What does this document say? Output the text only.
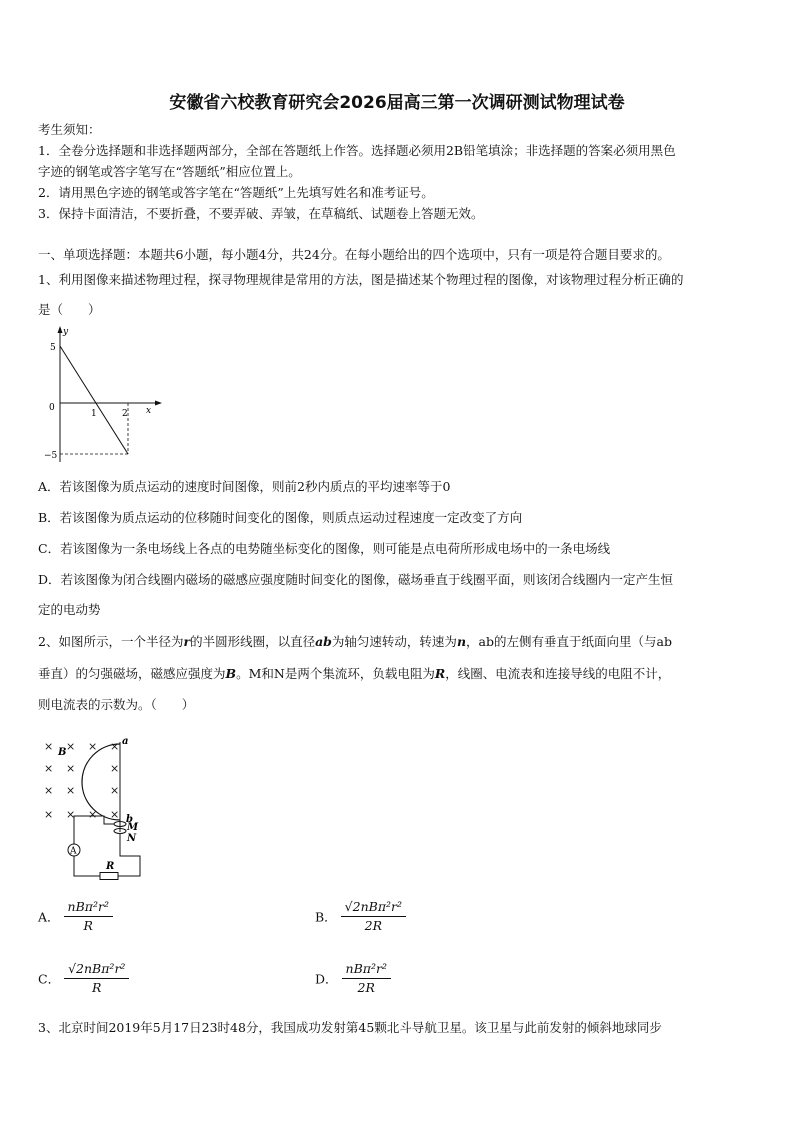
安徽省六校教育研究会2026届高三第一次调研测试物理试卷
考生须知：
1．全卷分选择题和非选择题两部分，全部在答题纸上作答。选择题必须用2B铅笔填涂；非选择题的答案必须用黑色
字迹的钢笔或答字笔写在“答题纸”相应位置上。
2．请用黑色字迹的钢笔或答字笔在“答题纸”上先填写姓名和准考证号。
3．保持卡面清洁，不要折叠，不要弄破、弄皱，在草稿纸、试题卷上答题无效。
一、单项选择题：本题共6小题，每小题4分，共24分。在每小题给出的四个选项中，只有一项是符合题目要求的。
1、利用图像来描述物理过程，探寻物理规律是常用的方法，图是描述某个物理过程的图像，对该物理过程分析正确的
是（　　）
y
x
5
0
−5
1	2
A．若该图像为质点运动的速度时间图像，则前2秒内质点的平均速率等于0
B．若该图像为质点运动的位移随时间变化的图像，则质点运动过程速度一定改变了方向
C．若该图像为一条电场线上各点的电势随坐标变化的图像，则可能是点电荷所形成电场中的一条电场线
D．若该图像为闭合线圈内磁场的磁感应强度随时间变化的图像，磁场垂直于线圈平面，则该闭合线圈内一定产生恒
定的电动势
2、如图所示，一个半径为r的半圆形线圈，以直径ab为轴匀速转动，转速为n，ab的左侧有垂直于纸面向里（与ab
垂直）的匀强磁场，磁感应强度为B。M和N是两个集流环，负载电阻为R，线圈、电流表和连接导线的电阻不计，
则电流表的示数为。（　　）
× × × ×
× ×	×
× ×	×
× × × ×
B
a
b
M
N
A
R
A． $\frac{\text{nBπ²r²}}{R}$	B． $\frac{\text{√2nBπ²r²}}{2R}$
C． $\frac{\text{√2nBπ²r²}}{R}$	D． $\frac{\text{nBπ²r²}}{2R}$
3、北京时间2019年5月17日23时48分，我国成功发射第45颗北斗导航卫星。该卫星与此前发射的倾斜地球同步
